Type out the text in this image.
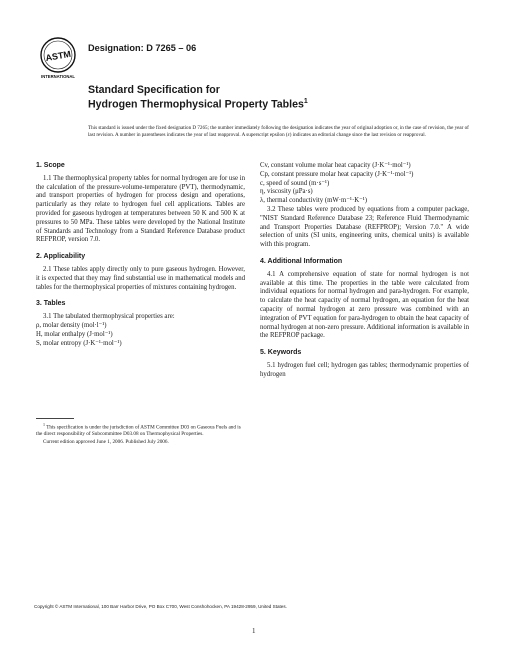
ASTM
INTERNATIONAL
Designation: D 7265 – 06
Standard Specification for
Hydrogen Thermophysical Property Tables$^1$
This standard is issued under the fixed designation D 7265; the number immediately following the designation indicates the year of original adoption or, in the case of revision, the year of last revision. A number in parentheses indicates the year of last reapproval. A superscript epsilon (ε) indicates an editorial change since the last revision or reapproval.
1. Scope

1.1 The thermophysical property tables for normal hydrogen are for use in the calculation of the pressure-volume-temperature (PVT), thermodynamic, and transport properties of hydrogen for process design and operations, particularly as they relate to hydrogen fuel cell applications. Tables are provided for gaseous hydrogen at temperatures between 50 K and 500 K at pressures to 50 MPa. These tables were developed by the National Institute of Standards and Technology from a Standard Reference Database product REFPROP, version 7.0.

2. Applicability

2.1 These tables apply directly only to pure gaseous hydrogen. However, it is expected that they may find substantial use in mathematical models and tables for the thermophysical properties of mixtures containing hydrogen.

3. Tables

3.1 The tabulated thermophysical properties are:

ρ, molar density (mol·l⁻¹)

H, molar enthalpy (J·mol⁻¹)

S, molar entropy (J·K⁻¹·mol⁻¹)

Cv, constant volume molar heat capacity (J·K⁻¹·mol⁻¹)

Cp, constant pressure molar heat capacity (J·K⁻¹·mol⁻¹)

c, speed of sound (m·s⁻¹)

η, viscosity (μPa·s)

λ, thermal conductivity (mW·m⁻¹·K⁻¹)

3.2 These tables were produced by equations from a computer package, "NIST Standard Reference Database 23; Reference Fluid Thermodynamic and Transport Properties Database (REFPROP); Version 7.0." A wide selection of units (SI units, engineering units, chemical units) is available with this program.

4. Additional Information

4.1 A comprehensive equation of state for normal hydrogen is not available at this time. The properties in the table were calculated from individual equations for normal hydrogen and para-hydrogen. For example, to calculate the heat capacity of normal hydrogen, an equation for the heat capacity of normal hydrogen at zero pressure was combined with an integration of PVT equation for para-hydrogen to obtain the heat capacity of normal hydrogen at non-zero pressure. Additional information is available in the REFPROP package.

5. Keywords

5.1 hydrogen fuel cell; hydrogen gas tables; thermodynamic properties of hydrogen

$^1$ This specification is under the jurisdiction of ASTM Committee D03 on Gaseous Fuels and is the direct responsibility of Subcommittee D03.08 on Thermophysical Properties.
Current edition approved June 1, 2006. Published July 2006.
Copyright © ASTM International, 100 Barr Harbor Drive, PO Box C700, West Conshohocken, PA 19428-2959, United States.
1
